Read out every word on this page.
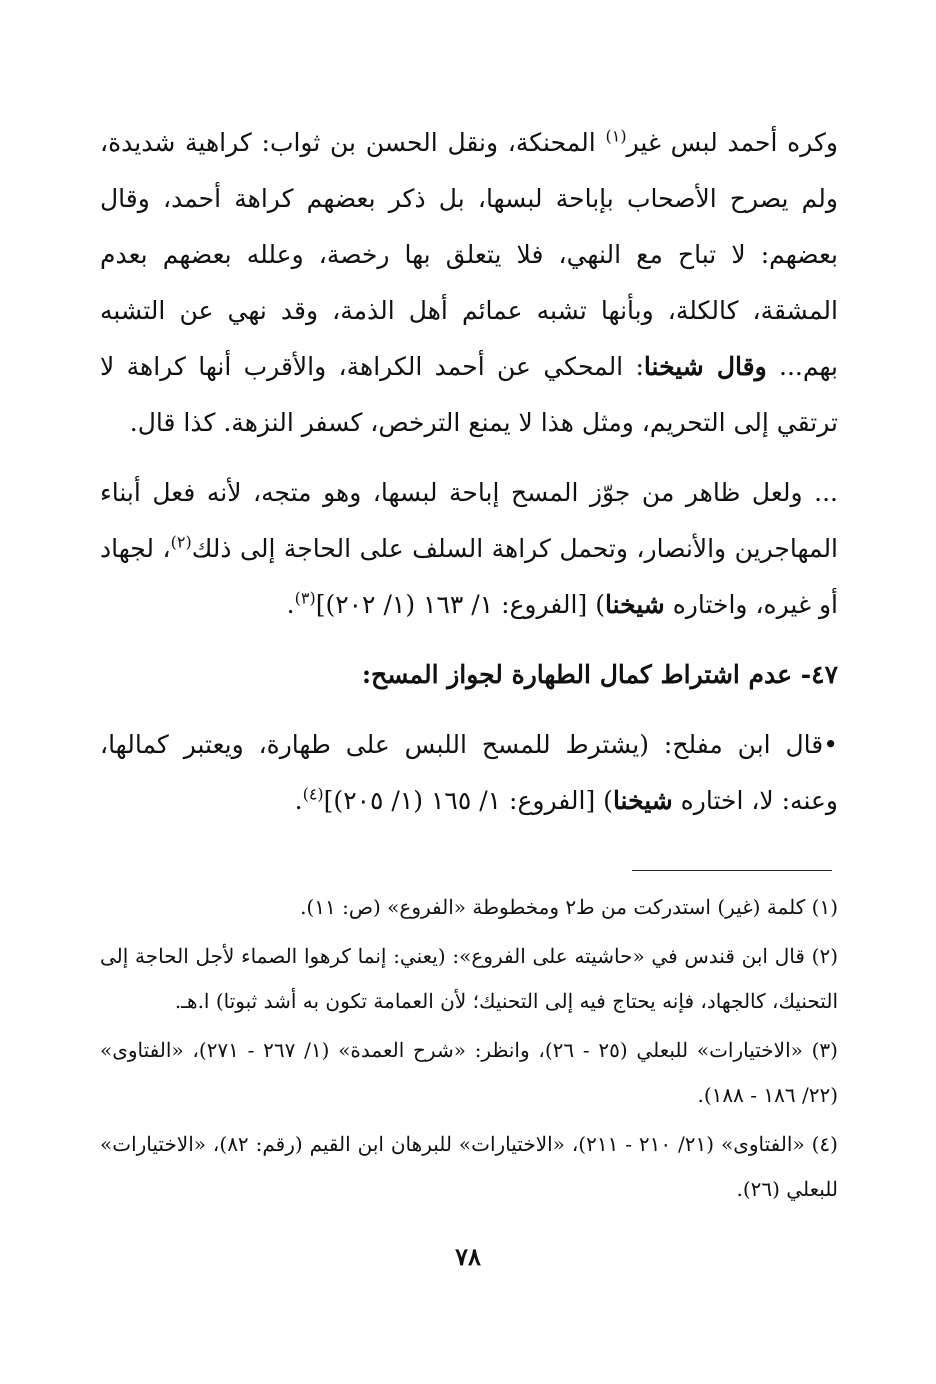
وكره أحمد لبس غير$^{(١)}$ المحنكة، ونقل الحسن بن ثواب: كراهية شديدة، ولم يصرح الأصحاب بإباحة لبسها، بل ذكر بعضهم كراهة أحمد، وقال بعضهم: لا تباح مع النهي، فلا يتعلق بها رخصة، وعلله بعضهم بعدم المشقة، كالكلة، وبأنها تشبه عمائم أهل الذمة، وقد نهي عن التشبه بهم... وقال شيخنا: المحكي عن أحمد الكراهة، والأقرب أنها كراهة لا ترتقي إلى التحريم، ومثل هذا لا يمنع الترخص، كسفر النزهة. كذا قال.

... ولعل ظاهر من جوّز المسح إباحة لبسها، وهو متجه، لأنه فعل أبناء المهاجرين والأنصار، وتحمل كراهة السلف على الحاجة إلى ذلك$^{(٢)}$، لجهاد أو غيره، واختاره شيخنا) [الفروع: ١/ ١٦٣ (١/ ٢٠٢)]$^{(٣)}$.

٤٧- عدم اشتراط كمال الطهارة لجواز المسح:

•قال ابن مفلح: (يشترط للمسح اللبس على طهارة، ويعتبر كمالها، وعنه: لا، اختاره شيخنا) [الفروع: ١/ ١٦٥ (١/ ٢٠٥)]$^{(٤)}$.

(١) كلمة (غير) استدركت من ط٢ ومخطوطة «الفروع» (ص: ١١).
(٢) قال ابن قندس في «حاشيته على الفروع»: (يعني: إنما كرهوا الصماء لأجل الحاجة إلى التحنيك، كالجهاد، فإنه يحتاج فيه إلى التحنيك؛ لأن العمامة تكون به أشد ثبوتا) ا.هـ.
(٣) «الاختيارات» للبعلي (٢٥ - ٢٦)، وانظر: «شرح العمدة» (١/ ٢٦٧ - ٢٧١)، «الفتاوى» (٢٢/ ١٨٦ - ١٨٨).
(٤) «الفتاوى» (٢١/ ٢١٠ - ٢١١)، «الاختيارات» للبرهان ابن القيم (رقم: ٨٢)، «الاختيارات» للبعلي (٢٦).
٧٨
